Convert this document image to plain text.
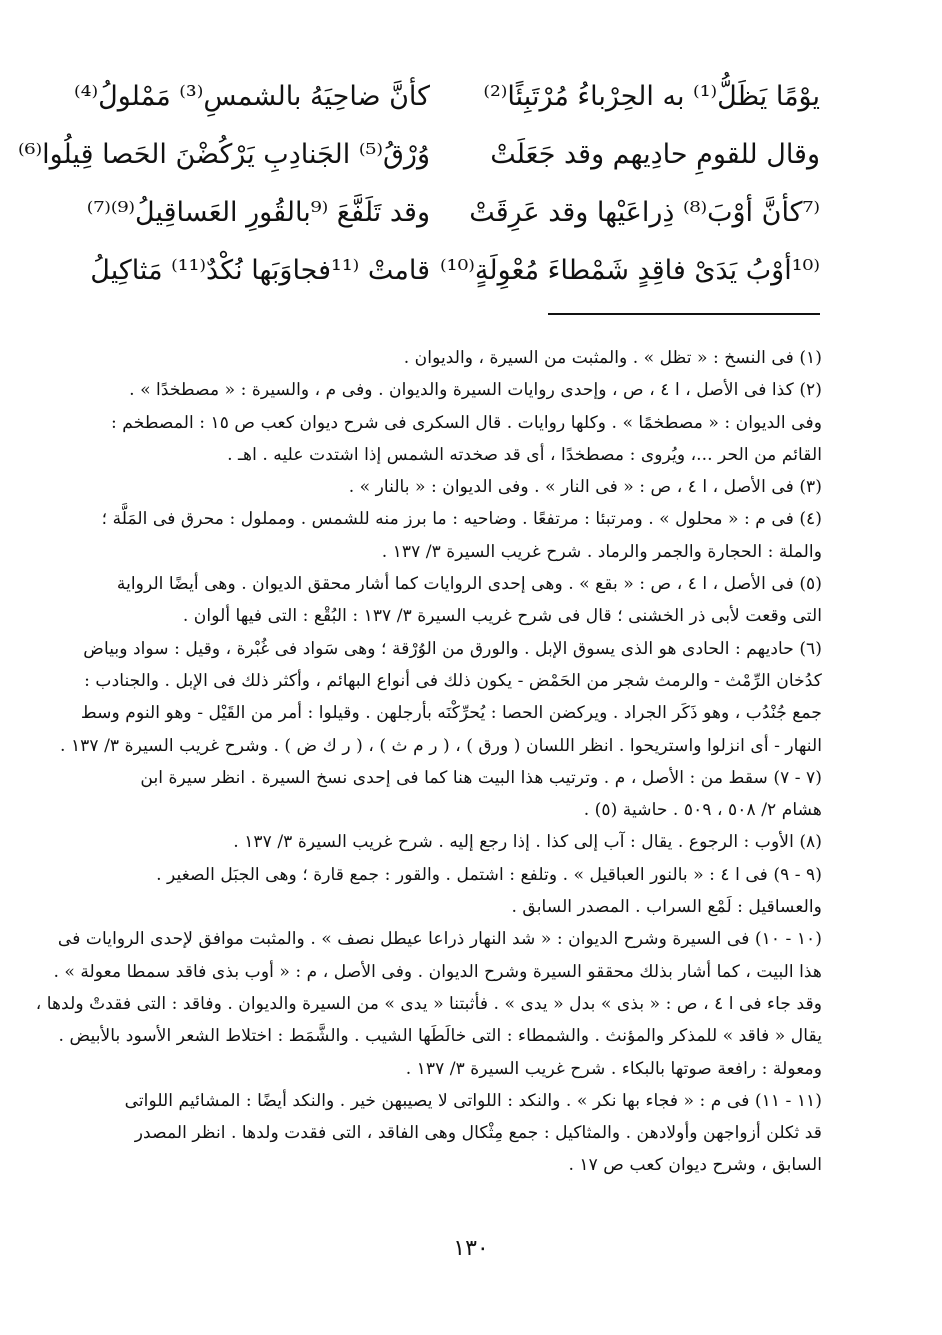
يوْمًا يَظَلُّ⁽¹⁾ به الحِرْباءُ مُرْتَبِئًا⁽²⁾
كأنَّ ضاحِيَهُ بالشمسِ⁽³⁾ مَمْلولُ⁽⁴⁾
وقال للقومِ حادِيهم وقد جَعَلَتْ
وُرْقُ⁽⁵⁾ الجَنادِبِ يَرْكُضْنَ الحَصا قِيلُوا⁽⁶⁾
⁽⁷كأنَّ أوْبَ⁽⁸⁾ ذِراعَيْها وقد عَرِقَتْ
وقد تَلَفَّعَ ⁽⁹بالقُورِ العَساقِيلُ⁽⁹⁾⁽⁷⁾
⁽¹⁰أوْبُ يَدَىْ فاقِدٍ شَمْطاءَ مُعْوِلَةٍ⁽¹⁰⁾
قامتْ ⁽¹¹فجاوَبَها نُكْدٌ⁽¹¹⁾ مَثاكِيلُ
(١) فى النسخ : « تظل » . والمثبت من السيرة ، والديوان .
(٢) كذا فى الأصل ، ا ٤ ، ص ، وإحدى روايات السيرة والديوان . وفى م ، والسيرة : « مصطخدًا » .
وفى الديوان : « مصطخمًا » . وكلها روايات . قال السكرى فى شرح ديوان كعب ص ١٥ : المصطخم :
القائم من الحر ...، ويُروى : مصطخدًا ، أى قد صخدته الشمس إذا اشتدت عليه . اهـ .
(٣) فى الأصل ، ا ٤ ، ص : « فى النار » . وفى الديوان : « بالنار » .
(٤) فى م : « محلول » . ومرتبئا : مرتفعًا . وضاحيه : ما برز منه للشمس . ومملول : محرق فى المَلَّة ؛
والملة : الحجارة والجمر والرماد . شرح غريب السيرة ٣/ ١٣٧ .
(٥) فى الأصل ، ا ٤ ، ص : « بقع » . وهى إحدى الروايات كما أشار محقق الديوان . وهى أيضًا الرواية
التى وقعت لأبى ذر الخشنى ؛ قال فى شرح غريب السيرة ٣/ ١٣٧ : البُقْع : التى فيها ألوان .
(٦) حاديهم : الحادى هو الذى يسوق الإبل . والورق من الوُرْقة ؛ وهى سَواد فى غُبْرة ، وقيل : سواد وبياض
كدُخان الرِّمْث - والرمث شجر من الحَمْض - يكون ذلك فى أنواع البهائم ، وأكثر ذلك فى الإبل . والجنادب :
جمع جُنْدُب ، وهو ذَكَر الجراد . ويركضن الحصا : يُحرِّكْنَه بأرجلهن . وقيلوا : أمر من القَيْل - وهو النوم وسط
النهار - أى انزلوا واستريحوا . انظر اللسان ( ورق ) ، ( ر م ث ) ، ( ر ك ض ) . وشرح غريب السيرة ٣/ ١٣٧ .
(٧ - ٧) سقط من : الأصل ، م . وترتيب هذا البيت هنا كما فى إحدى نسخ السيرة . انظر سيرة ابن
هشام ٢/ ٥٠٨ ، ٥٠٩ . حاشية (٥) .
(٨) الأوب : الرجوع . يقال : آب إلى كذا . إذا رجع إليه . شرح غريب السيرة ٣/ ١٣٧ .
(٩ - ٩) فى ا ٤ : « بالنور العباقيل » . وتلفع : اشتمل . والقور : جمع قارة ؛ وهى الجبَل الصغير .
والعساقيل : لَمْع السراب . المصدر السابق .
(١٠ - ١٠) فى السيرة وشرح الديوان : « شد النهار ذراعا عيطل نصف » . والمثبت موافق لإحدى الروايات فى
هذا البيت ، كما أشار بذلك محققو السيرة وشرح الديوان . وفى الأصل ، م : « أوب بذى فاقد سمطا معولة » .
وقد جاء فى ا ٤ ، ص : « بذى » بدل « يدى » . فأثبتنا « يدى » من السيرة والديوان . وفاقد : التى فقدتْ ولدها ،
يقال « فاقد » للمذكر والمؤنث . والشمطاء : التى خالَطَها الشيب . والشَّمَط : اختلاط الشعر الأسود بالأبيض .
ومعولة : رافعة صوتها بالبكاء . شرح غريب السيرة ٣/ ١٣٧ .
(١١ - ١١) فى م : « فجاء بها نكر » . والنكد : اللواتى لا يصيبهن خير . والنكد أيضًا : المشائيم اللواتى
قد ثكلن أزواجهن وأولادهن . والمثاكيل : جمع مِثْكال وهى الفاقد ، التى فقدت ولدها . انظر المصدر
السابق ، وشرح ديوان كعب ص ١٧ .
١٣٠
